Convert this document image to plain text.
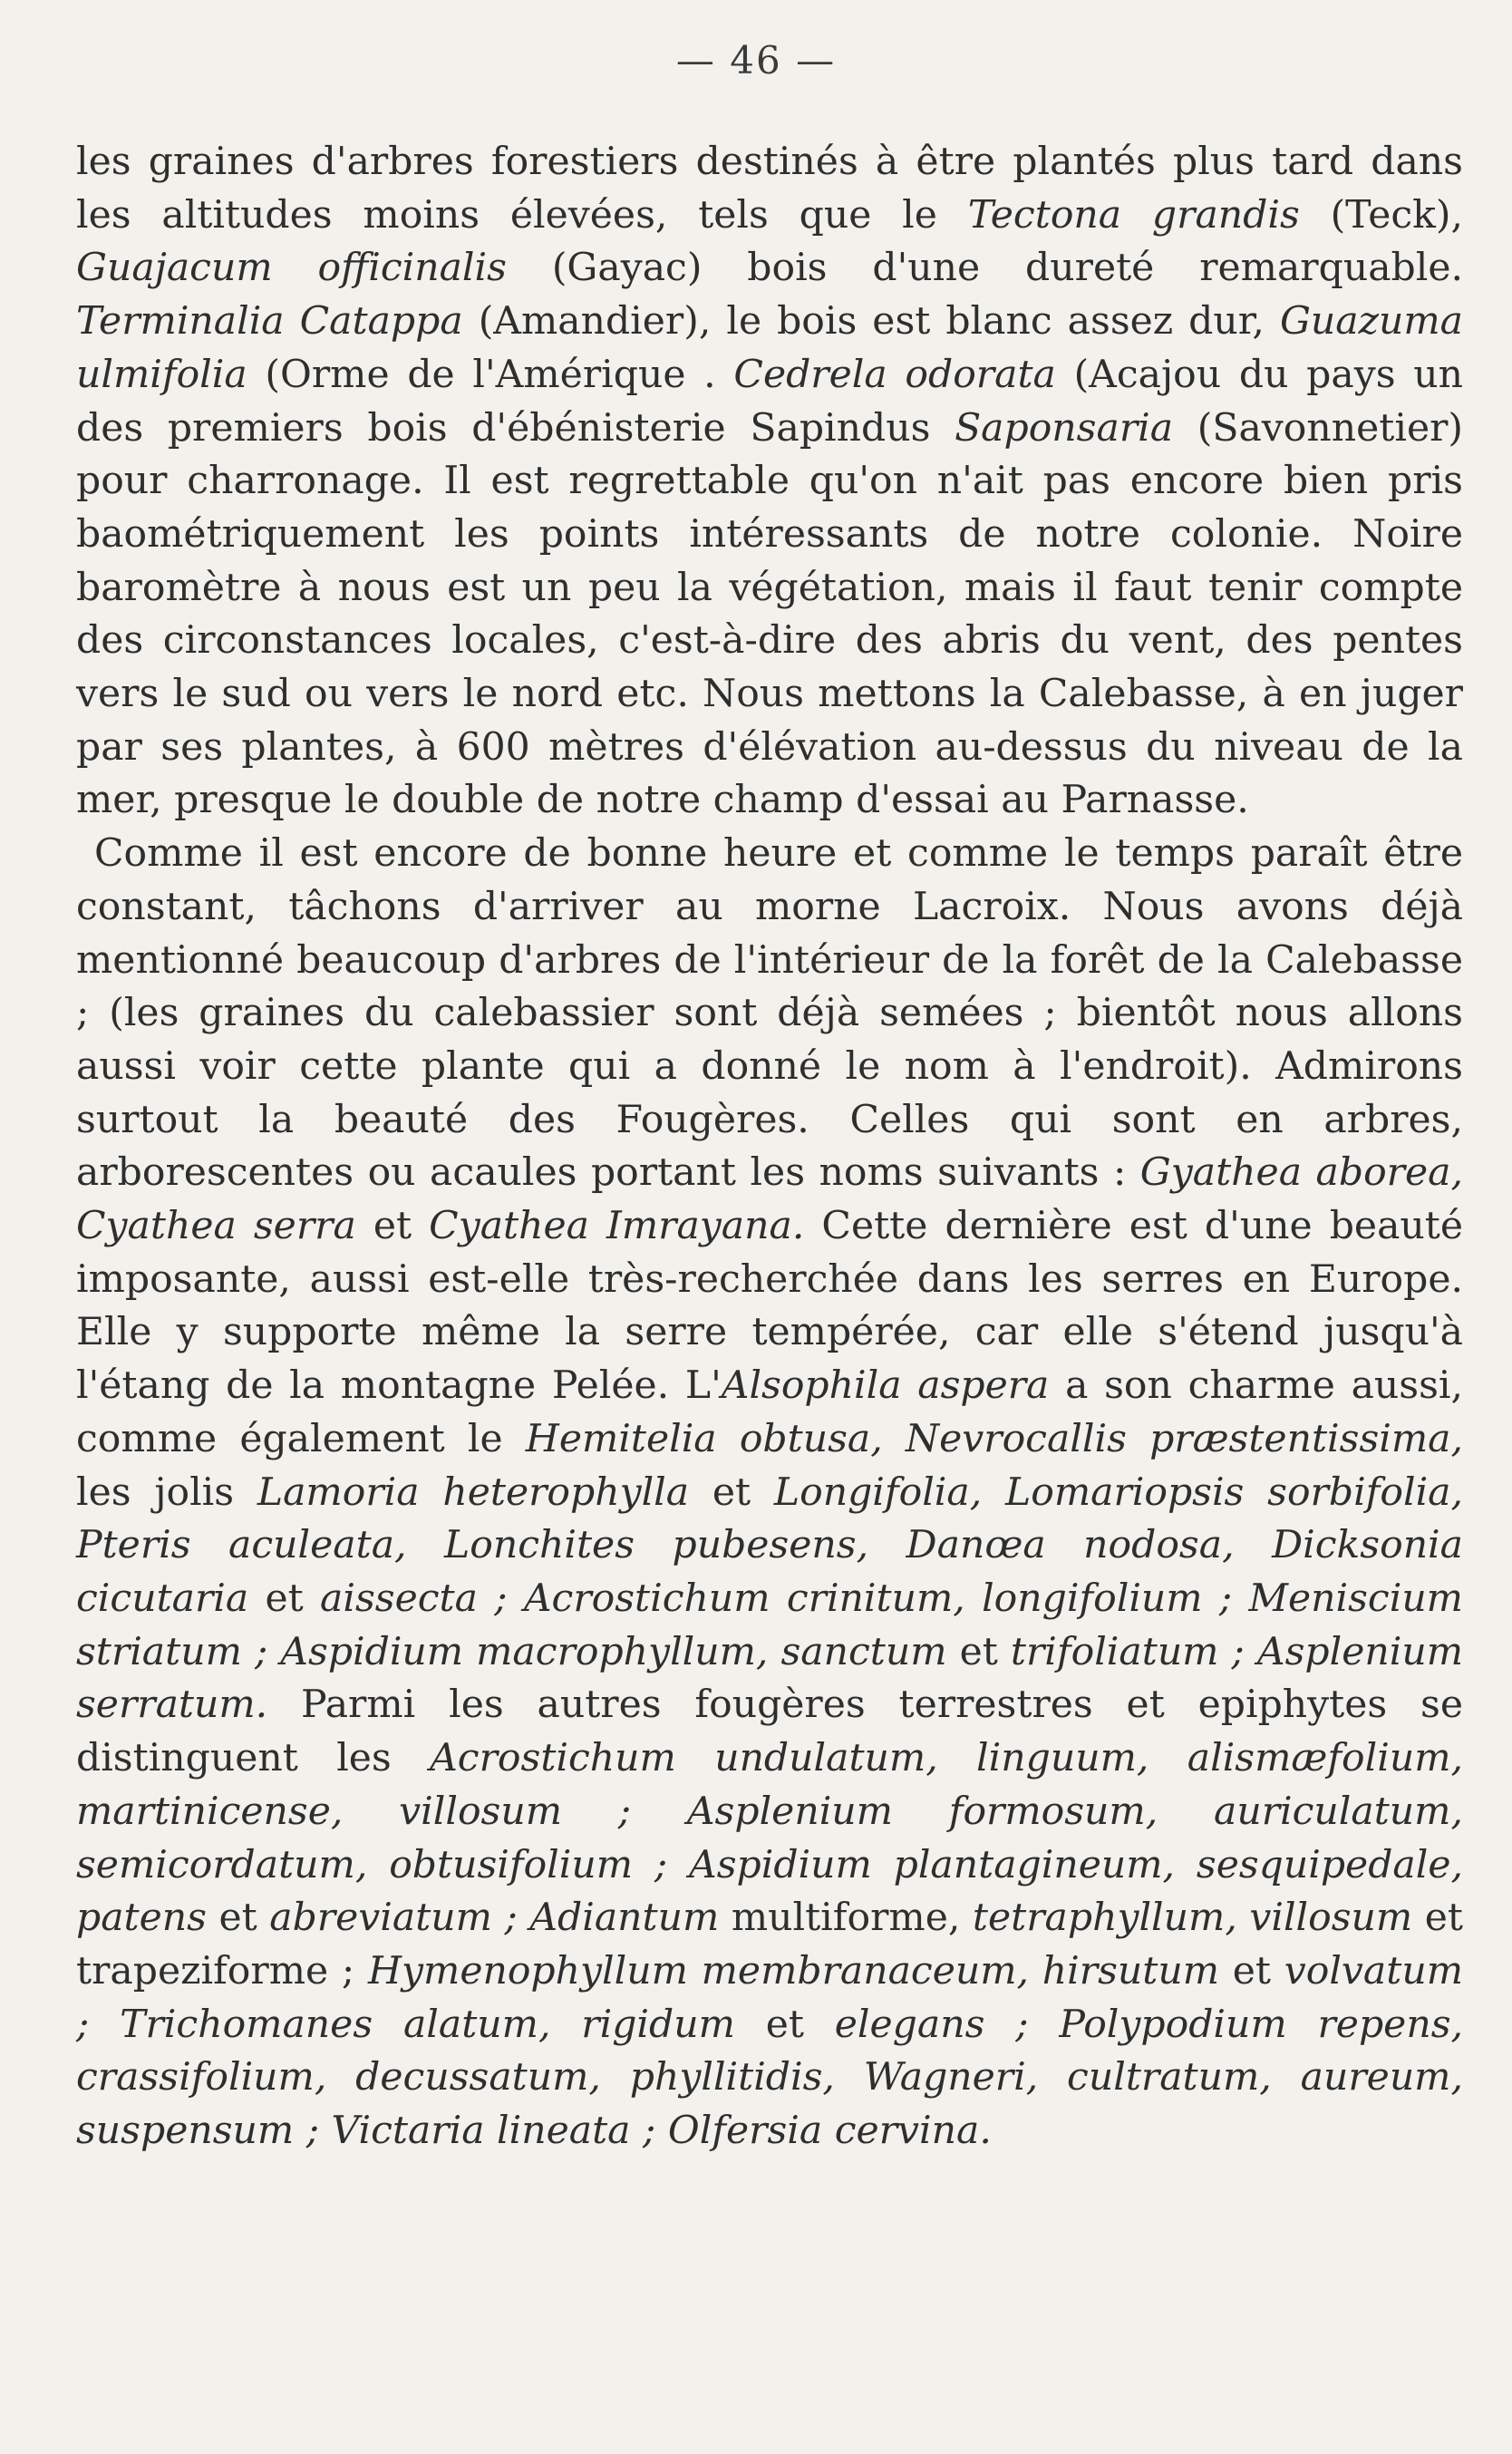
— 46 —

les graines d'arbres forestiers destinés à être plantés plus tard dans les altitudes moins élevées, tels que le Tectona grandis (Teck), Guajacum officinalis (Gayac) bois d'une dureté remarquable. Terminalia Catappa (Amandier), le bois est blanc assez dur, Guazuma ulmifolia (Orme de l'Amérique . Cedrela odorata (Acajou du pays un des premiers bois d'ébénisterie Sapindus Saponsaria (Savonnetier) pour charronage. Il est regrettable qu'on n'ait pas encore bien pris baométriquement les points intéressants de notre colonie. Noire baromètre à nous est un peu la végétation, mais il faut tenir compte des circonstances locales, c'est-à-dire des abris du vent, des pentes vers le sud ou vers le nord etc. Nous mettons la Calebasse, à en juger par ses plantes, à 600 mètres d'élévation au-dessus du niveau de la mer, presque le double de notre champ d'essai au Parnasse.

Comme il est encore de bonne heure et comme le temps paraît être constant, tâchons d'arriver au morne Lacroix. Nous avons déjà mentionné beaucoup d'arbres de l'intérieur de la forêt de la Calebasse ; (les graines du calebassier sont déjà semées ; bientôt nous allons aussi voir cette plante qui a donné le nom à l'endroit). Admirons surtout la beauté des Fougères. Celles qui sont en arbres, arborescentes ou acaules portant les noms suivants : Gyathea aborea, Cyathea serra et Cyathea Imrayana. Cette dernière est d'une beauté imposante, aussi est-elle très-recherchée dans les serres en Europe. Elle y supporte même la serre tempérée, car elle s'étend jusqu'à l'étang de la montagne Pelée. L'Alsophila aspera a son charme aussi, comme également le Hemitelia obtusa, Nevrocallis præstentissima, les jolis Lamoria heterophylla et Longifolia, Lomariopsis sorbifolia, Pteris aculeata, Lonchites pubesens, Danœa nodosa, Dicksonia cicutaria et aissecta ; Acrostichum crinitum, longifolium ; Meniscium striatum ; Aspidium macrophyllum, sanctum et trifoliatum ; Asplenium serratum. Parmi les autres fougères terrestres et epiphytes se distinguent les Acrostichum undulatum, linguum, alismæfolium, martinicense, villosum ; Asplenium formosum, auriculatum, semicordatum, obtusifolium ; Aspidium plantagineum, sesquipedale, patens et abreviatum ; Adiantum multiforme, tetraphyllum, villosum et trapeziforme ; Hymenophyllum membranaceum, hirsutum et volvatum ; Trichomanes alatum, rigidum et elegans ; Polypodium repens, crassifolium, decussatum, phyllitidis, Wagneri, cultratum, aureum, suspensum ; Victaria lineata ; Olfersia cervina.
